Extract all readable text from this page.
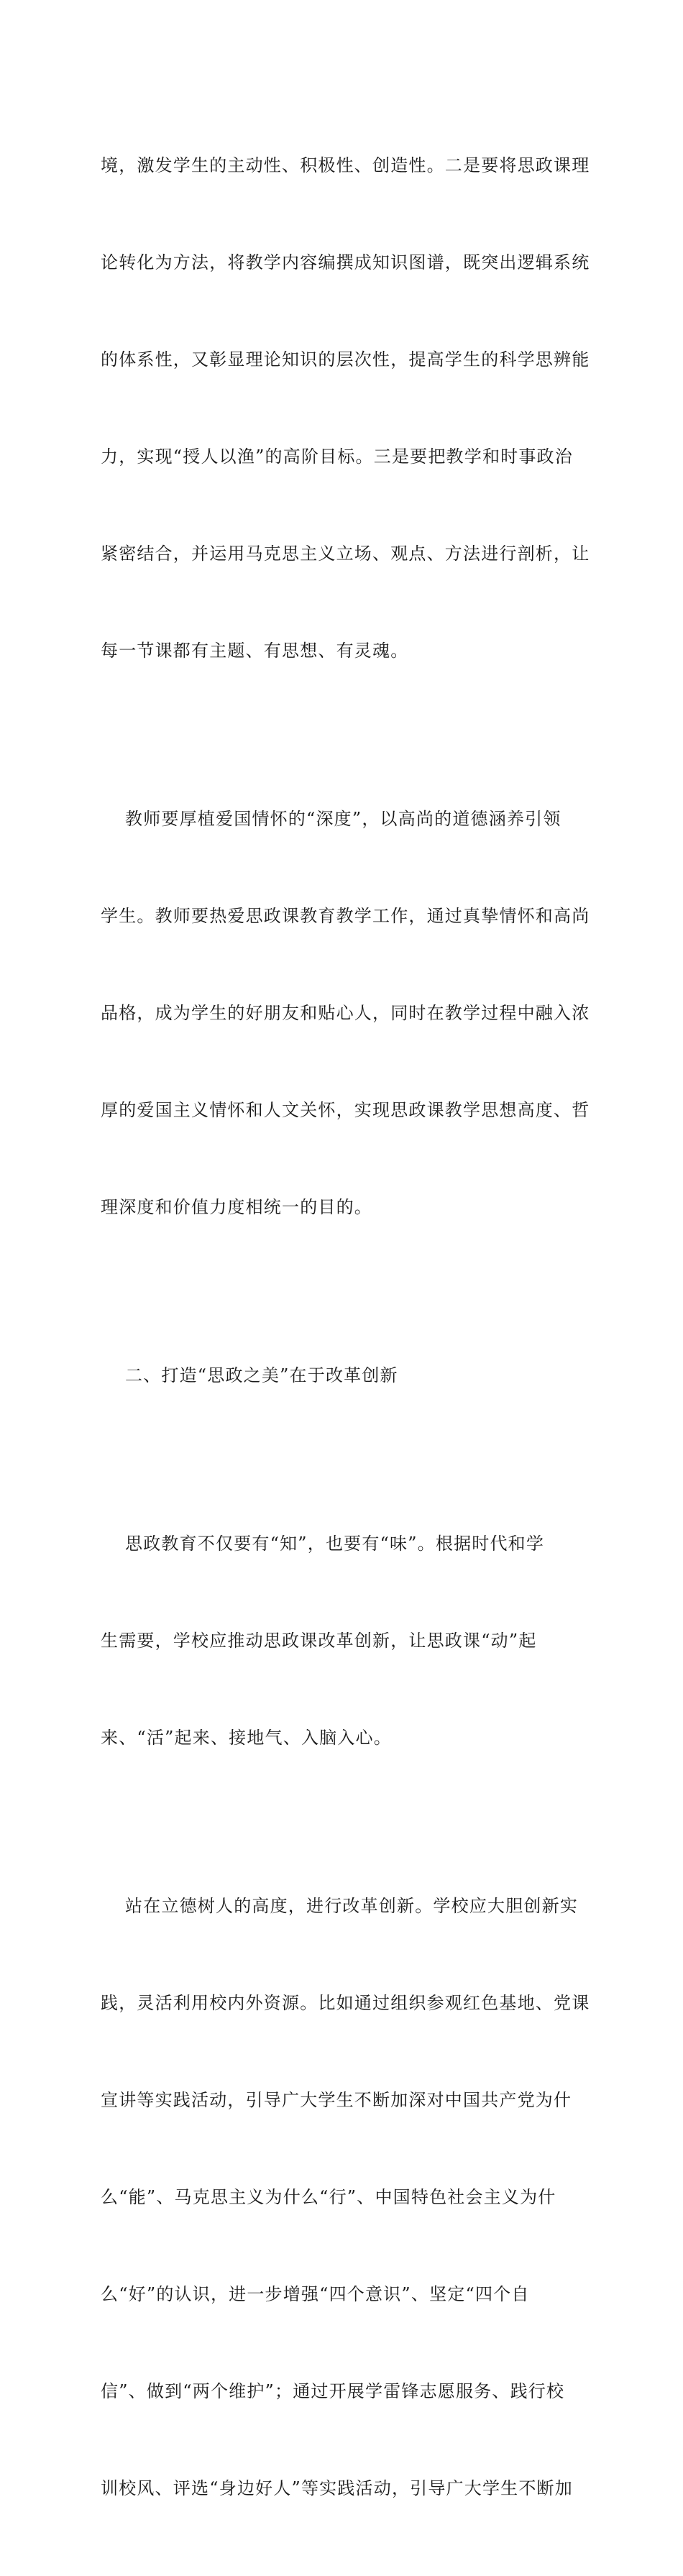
境，激发学生的主动性、积极性、创造性。二是要将思政课理

论转化为方法，将教学内容编撰成知识图谱，既突出逻辑系统

的体系性，又彰显理论知识的层次性，提高学生的科学思辨能

力，实现“授人以渔”的高阶目标。三是要把教学和时事政治

紧密结合，并运用马克思主义立场、观点、方法进行剖析，让

每一节课都有主题、有思想、有灵魂。

教师要厚植爱国情怀的“深度”，以高尚的道德涵养引领

学生。教师要热爱思政课教育教学工作，通过真挚情怀和高尚

品格，成为学生的好朋友和贴心人，同时在教学过程中融入浓

厚的爱国主义情怀和人文关怀，实现思政课教学思想高度、哲

理深度和价值力度相统一的目的。

二、打造“思政之美”在于改革创新

思政教育不仅要有“知”，也要有“味”。根据时代和学

生需要，学校应推动思政课改革创新，让思政课“动”起

来、“活”起来、接地气、入脑入心。

站在立德树人的高度，进行改革创新。学校应大胆创新实

践，灵活利用校内外资源。比如通过组织参观红色基地、党课

宣讲等实践活动，引导广大学生不断加深对中国共产党为什

么“能”、马克思主义为什么“行”、中国特色社会主义为什

么“好”的认识，进一步增强“四个意识”、坚定“四个自

信”、做到“两个维护”；通过开展学雷锋志愿服务、践行校

训校风、评选“身边好人”等实践活动，引导广大学生不断加
